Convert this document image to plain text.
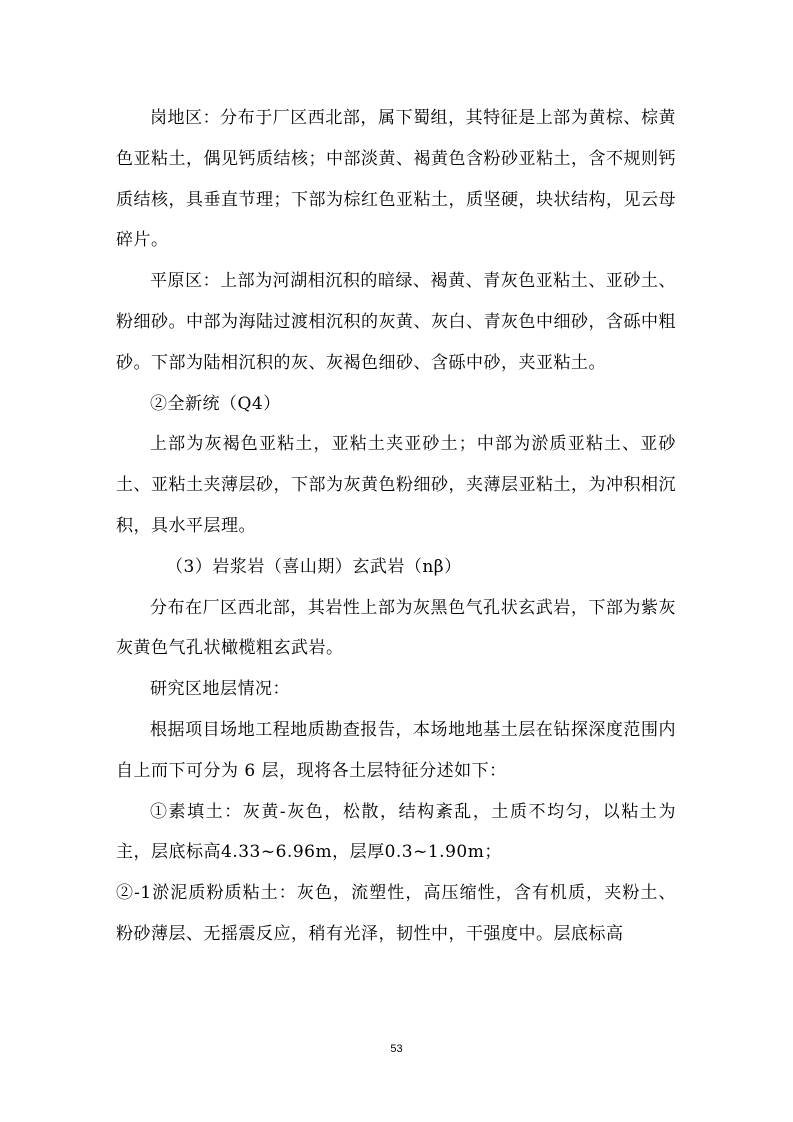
岗地区：分布于厂区西北部，属下蜀组，其特征是上部为黄棕、棕黄色亚粘土，偶见钙质结核；中部淡黄、褐黄色含粉砂亚粘土，含不规则钙质结核，具垂直节理；下部为棕红色亚粘土，质坚硬，块状结构，见云母碎片。

平原区：上部为河湖相沉积的暗绿、褐黄、青灰色亚粘土、亚砂土、粉细砂。中部为海陆过渡相沉积的灰黄、灰白、青灰色中细砂，含砾中粗砂。下部为陆相沉积的灰、灰褐色细砂、含砾中砂，夹亚粘土。

②全新统（Q4）

上部为灰褐色亚粘土，亚粘土夹亚砂土；中部为淤质亚粘土、亚砂土、亚粘土夹薄层砂，下部为灰黄色粉细砂，夹薄层亚粘土，为冲积相沉积，具水平层理。

（3）岩浆岩（喜山期）玄武岩（nβ）

分布在厂区西北部，其岩性上部为灰黑色气孔状玄武岩，下部为紫灰灰黄色气孔状橄榄粗玄武岩。

研究区地层情况：

根据项目场地工程地质勘查报告，本场地地基土层在钻探深度范围内自上而下可分为 6 层，现将各土层特征分述如下：

①素填土：灰黄-灰色，松散，结构紊乱，土质不均匀，以粘土为主，层底标高4.33~6.96m，层厚0.3~1.90m；

②-1淤泥质粉质粘土：灰色，流塑性，高压缩性，含有机质，夹粉土、粉砂薄层、无摇震反应，稍有光泽，韧性中，干强度中。层底标高

53
